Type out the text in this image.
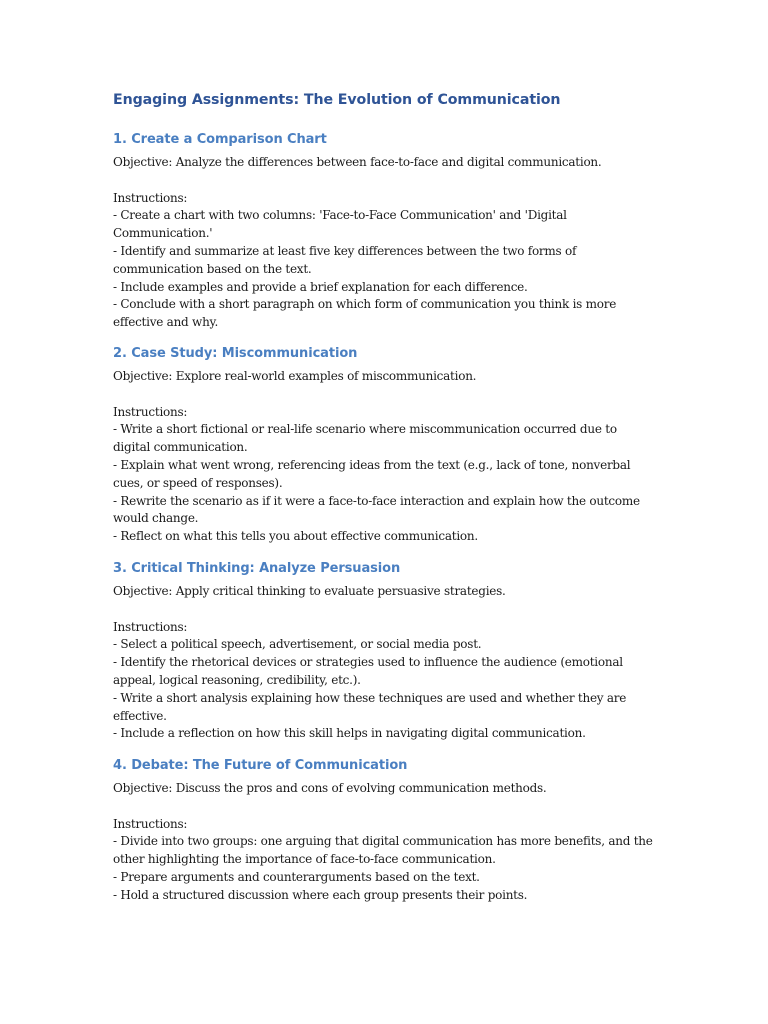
Engaging Assignments: The Evolution of Communication
1. Create a Comparison Chart

Objective: Analyze the differences between face-to-face and digital communication.

Instructions:
- Create a chart with two columns: 'Face-to-Face Communication' and 'Digital
Communication.'
- Identify and summarize at least five key differences between the two forms of
communication based on the text.
- Include examples and provide a brief explanation for each difference.
- Conclude with a short paragraph on which form of communication you think is more
effective and why.
2. Case Study: Miscommunication

Objective: Explore real-world examples of miscommunication.

Instructions:
- Write a short fictional or real-life scenario where miscommunication occurred due to
digital communication.
- Explain what went wrong, referencing ideas from the text (e.g., lack of tone, nonverbal
cues, or speed of responses).
- Rewrite the scenario as if it were a face-to-face interaction and explain how the outcome
would change.
- Reflect on what this tells you about effective communication.
3. Critical Thinking: Analyze Persuasion

Objective: Apply critical thinking to evaluate persuasive strategies.

Instructions:
- Select a political speech, advertisement, or social media post.
- Identify the rhetorical devices or strategies used to influence the audience (emotional
appeal, logical reasoning, credibility, etc.).
- Write a short analysis explaining how these techniques are used and whether they are
effective.
- Include a reflection on how this skill helps in navigating digital communication.
4. Debate: The Future of Communication

Objective: Discuss the pros and cons of evolving communication methods.

Instructions:
- Divide into two groups: one arguing that digital communication has more benefits, and the
other highlighting the importance of face-to-face communication.
- Prepare arguments and counterarguments based on the text.
- Hold a structured discussion where each group presents their points.
